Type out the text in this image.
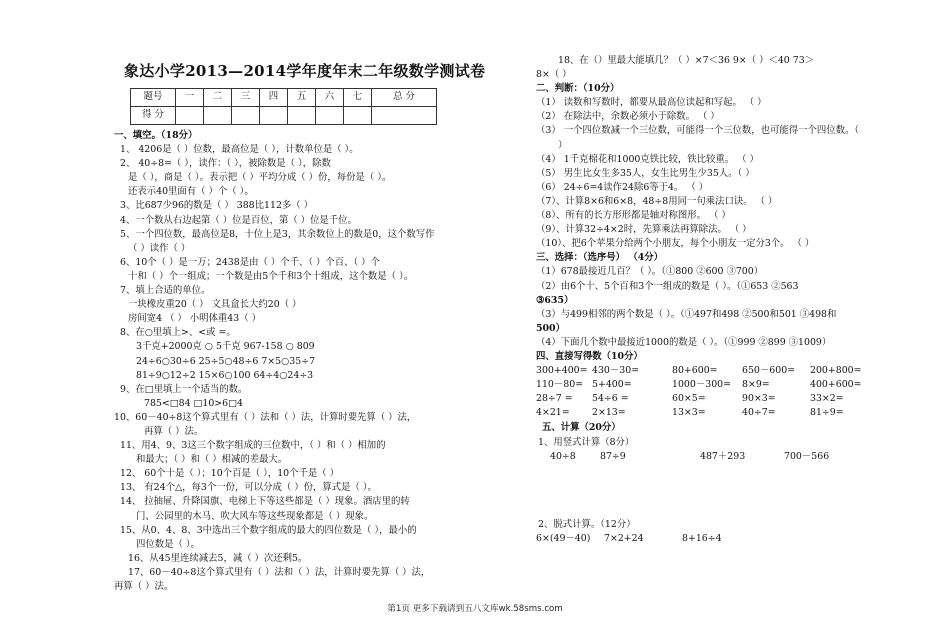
象达小学2013—2014学年度年末二年级数学测试卷
题号	一	二	三	四	五	六	七	总 分
得 分								
一、填空。（18分）
1、 4206是（ ）位数，最高位是（ ），计数单位是（ ）。
2、 40÷8=（ ），读作：（ ），被除数是（ ），除数
是（ ），商是（ ）。表示把（ ）平均分成（ ）份，每份是（ ）。
还表示40里面有（ ）个（ ）。
3、比687少96的数是（ ） 388比112多（ ）
4、一个数从右边起第（ ）位是百位，第（ ）位是千位。
5、一个四位数，最高位是8，十位上是3，其余数位上的数是0，这个数写作
（ ）读作（ ）
6、10个（ ）是一万；2438是由（ ）个千、（ ）个百、（ ）个
十和（ ）个一组成；一个数是由5个千和3个十组成，这个数是（ ）。
7、填上合适的单位。
一块橡皮重20（ ） 文具盒长大约20（ ）
房间宽4 （ ） 小明体重43（ ）
8、在○里填上>、<或 =。
3千克+2000克 ○ 5千克 967-158 ○ 809
24÷6○30÷6 25÷5○48÷6 7×5○35÷7
81÷9○12÷2 15×6○100 64÷4○24÷3
9、在□里填上一个适当的数。
785<□84 □10>6□4
10、60－40÷8这个算式里有（ ）法和（ ）法，计算时要先算（ ）法，
再算（ ）法。
11、用4、9、3这三个数字组成的三位数中，（ ）和（ ）相加的
和最大；（ ）和（ ）相减的差最大。
12、 60个十是（ ）；10个百是（ ），10个千是（ ）
13、 有24个△，每3个一份，可以分成（ ）份，算式是（ ）。
14、 拉抽屉、升降国旗、电梯上下等这些都是（ ）现象。酒店里的转
门、公园里的木马、吹大风车等这些现象都是（ ）现象。
15、从0、4、8、3中选出三个数字组成的最大的四位数是（ ），最小的
四位数是（ ）。
16、从45里连续减去5，减（ ）次还剩5。
17、60－40÷8这个算式里有（ ）法和（ ）法，计算时要先算（ ）法，
再算（ ）法。
18、在（）里最大能填几？（ ）×7＜36 9×（ ）＜40 73＞
8×（ ）
二、判断：（10分）
（1） 读数和写数时，都要从最高位读起和写起。 （ ）
（2） 在除法中，余数必须小于除数。 （ ）
（3） 一个四位数减一个三位数，可能得一个三位数，也可能得一个四位数。（
）
（4） 1千克棉花和1000克铁比较，铁比较重。 （ ）
（5） 男生比女生多35人，女生比男生少35人。（ ）
（6） 24÷6=4读作24除6等于4。 （ ）
（7）、计算8×6和6×8，48÷8用同一句乘法口诀。 （ ）
（8）、所有的长方形形都是轴对称图形。 （ ）
（9）、计算32÷4×2时，先算乘法再算除法。 （ ）
（10）、把6个苹果分给两个小朋友，每个小朋友一定分3个。 （ ）
三、选择：（选序号） （4分）
（1）678最接近几百？（ ）。（①800 ②600 ③700）
（2）由6个十、5个百和3个一组成的数是（ ）。（①653 ②563
③635）
（3）与499相邻的两个数是（ ）。（①497和498 ②500和501 ③498和
500）
（4）下面几个数中最接近1000的数是（ ）。（①999 ②899 ③1009）
四、直接写得数（10分）
300+400= 430－30=	80+600=	650－600=	200+800=
110－80= 5+400=	1000－300=	8×9=	400+600=
28÷7 =	54÷6 =	60×5=	90×3=	33×2=
4×21=	2×13=	13×3=	40÷7=	81÷9=
五、计算（20分）
1、用竖式计算（8分）
40÷8	87÷9	487＋293	700－566
2、脱式计算。（12分）
6×(49－40)	7×2+24	8+16÷4
第1页 更多下载请到五八文库wk.58sms.com
